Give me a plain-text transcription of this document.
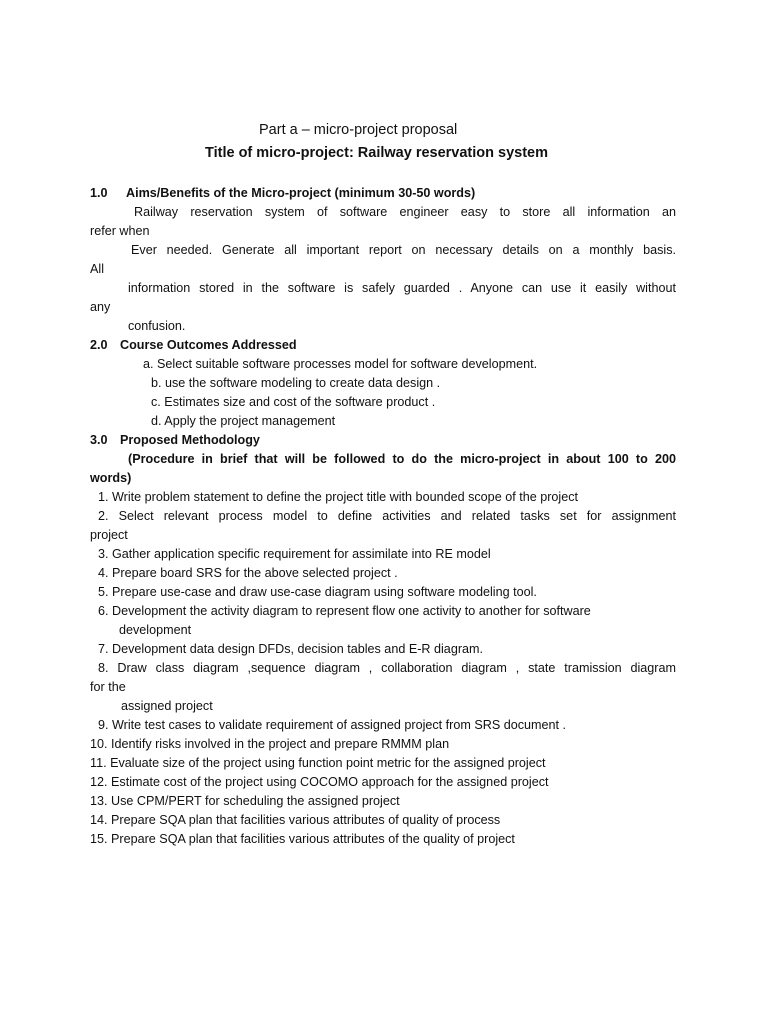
Part a – micro-project proposal
Title of micro-project: Railway reservation system
1.0 Aims/Benefits of the Micro-project (minimum 30-50 words)
Railway reservation system of software engineer easy to store all information an
refer when
Ever needed. Generate all important report on necessary details on a monthly basis.
All
information stored in the software is safely guarded . Anyone can use it easily without
any
confusion.
2.0 Course Outcomes Addressed
a. Select suitable software processes model for software development.
b. use the software modeling to create data design .
c. Estimates size and cost of the software product .
d. Apply the project management
3.0 Proposed Methodology
(Procedure in brief that will be followed to do the micro-project in about 100 to 200
words)
1. Write problem statement to define the project title with bounded scope of the project
2. Select relevant process model to define activities and related tasks set for assignment
project
3. Gather application specific requirement for assimilate into RE model
4. Prepare board SRS for the above selected project .
5. Prepare use-case and draw use-case diagram using software modeling tool.
6. Development the activity diagram to represent flow one activity to another for software
development
7. Development data design DFDs, decision tables and E-R diagram.
8. Draw class diagram ,sequence diagram , collaboration diagram , state tramission diagram
for the
assigned project
9. Write test cases to validate requirement of assigned project from SRS document .
10. Identify risks involved in the project and prepare RMMM plan
11. Evaluate size of the project using function point metric for the assigned project
12. Estimate cost of the project using COCOMO approach for the assigned project
13. Use CPM/PERT for scheduling the assigned project
14. Prepare SQA plan that facilities various attributes of quality of process
15. Prepare SQA plan that facilities various attributes of the quality of project
